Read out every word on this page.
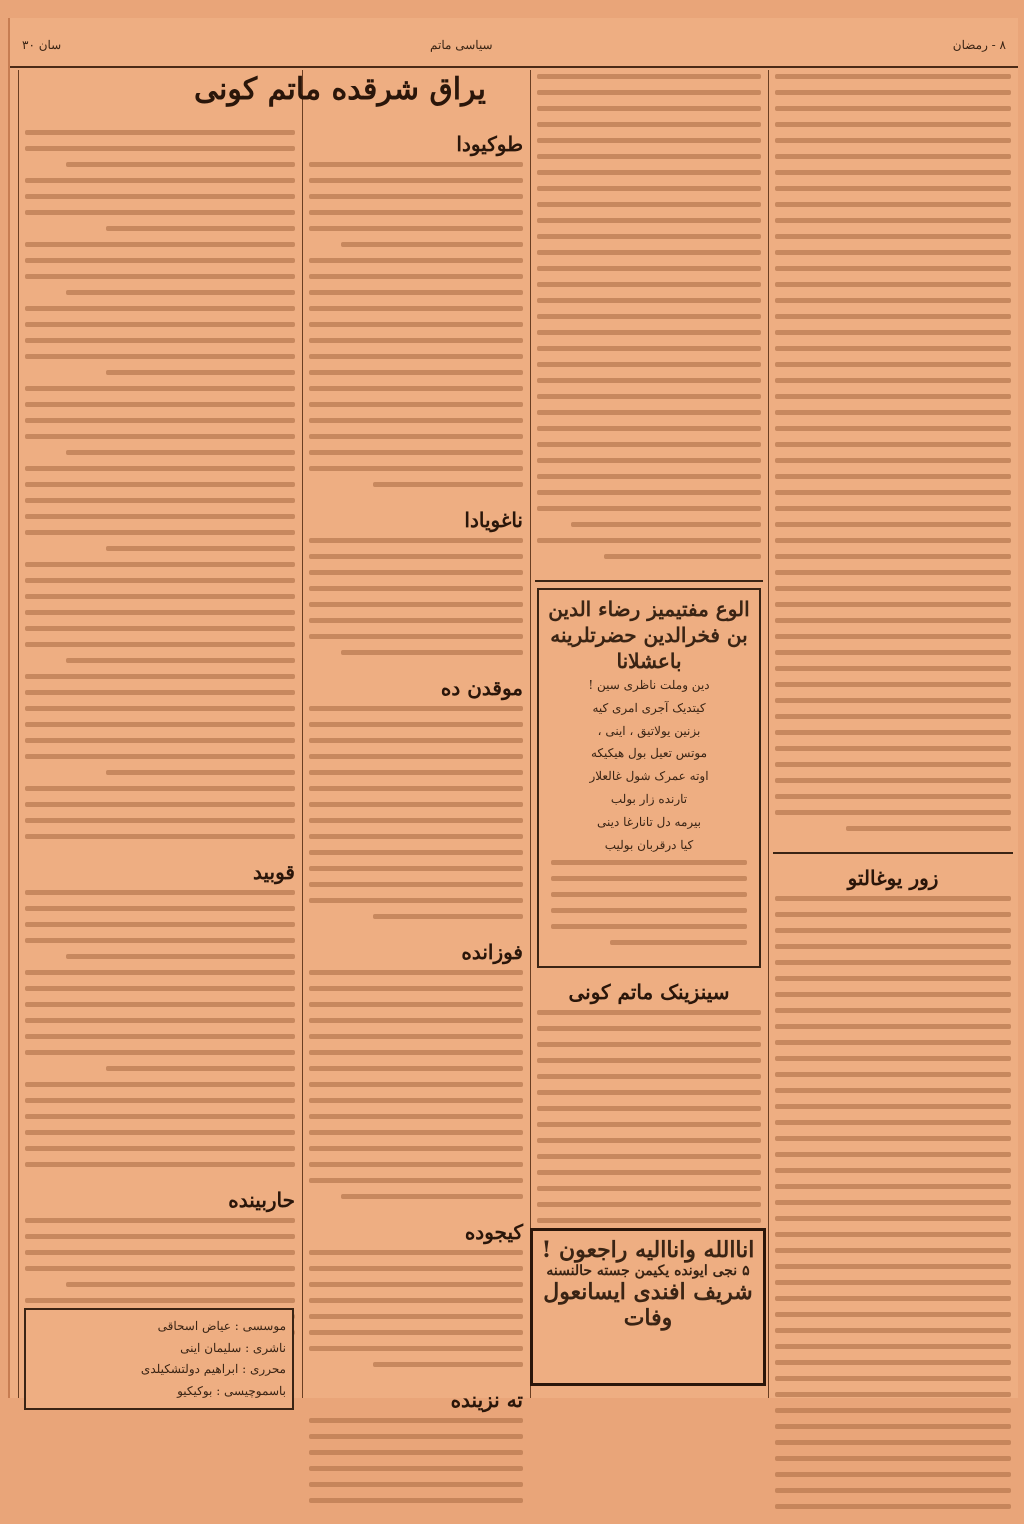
٨ - رمضان
سیاسی ماتم
سان ۳۰
قوبید
حاربینده
طوکیودا
ناغویادا
موقدن ده
فوزانده
کیجوده
ته نزینده
الوع مفتیمیز رضاء الدین بن فخرالدین حضرتلرینه باعشلانا
دین وملت ناظری سین !
کیتدیک آجری امری کیه
بزنین یولاتیق ، اینی ،
موتس تعیل بول هیکیکه
اوته عمرک شول غالعلار
تارنده زار بولب
بیرمه دل تانارغا دینی
کیا درقربان بولیب
سینزینک ماتم کونی
زور یوغالتو
یراق شرقده ماتم کونی
اناالله واناالیه راجعون !
۵ نجی ایونده یکیمن جسته حالنسنه
شریف افندی ایسانعول
وفات
موسسی : عیاض اسحاقی
ناشری : سلیمان اینی
محرری : ابراهیم دولتشکیلدی
باسموچیسی : بوکیکیو
